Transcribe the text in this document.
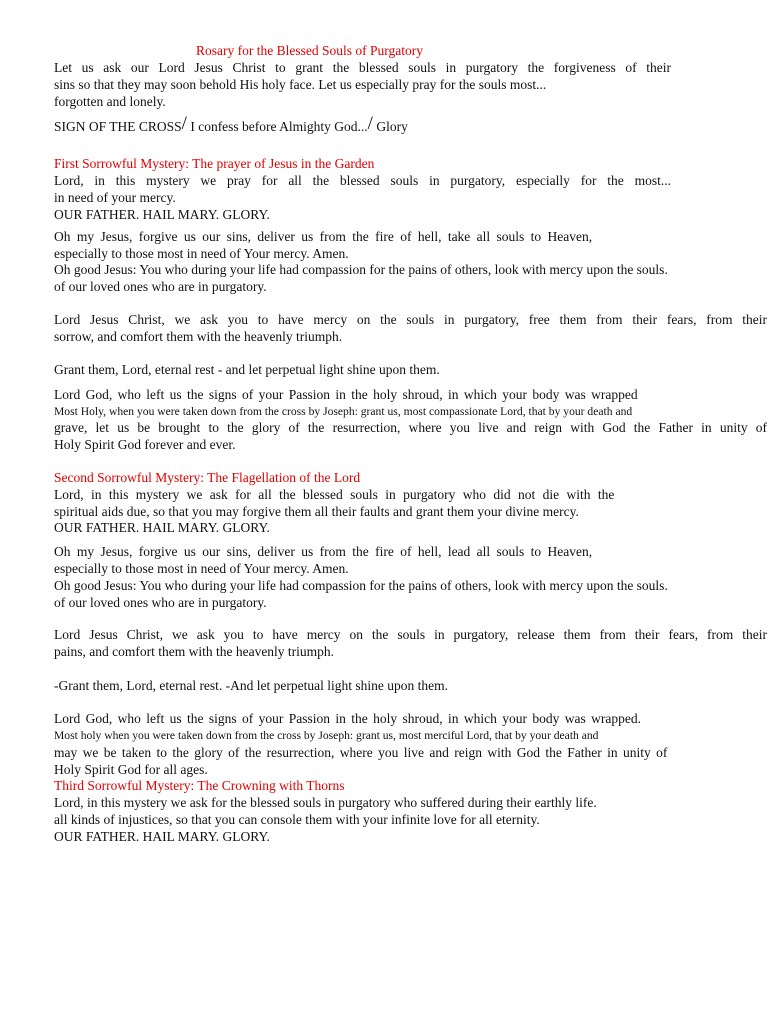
Rosary for the Blessed Souls of Purgatory
Let us ask our Lord Jesus Christ to grant the blessed souls in purgatory the forgiveness of their
sins so that they may soon behold His holy face. Let us especially pray for the souls most...
forgotten and lonely.
SIGN OF THE CROSS/ I confess before Almighty God.../ Glory
First Sorrowful Mystery: The prayer of Jesus in the Garden
Lord, in this mystery we pray for all the blessed souls in purgatory, especially for the most...
in need of your mercy.
OUR FATHER. HAIL MARY. GLORY.
Oh my Jesus, forgive us our sins, deliver us from the fire of hell, take all souls to Heaven,
especially to those most in need of Your mercy. Amen.
Oh good Jesus: You who during your life had compassion for the pains of others, look with mercy upon the souls.
of our loved ones who are in purgatory.
Lord Jesus Christ, we ask you to have mercy on the souls in purgatory, free them from their fears, from their
sorrow, and comfort them with the heavenly triumph.
Grant them, Lord, eternal rest - and let perpetual light shine upon them.
Lord God, who left us the signs of your Passion in the holy shroud, in which your body was wrapped
Most Holy, when you were taken down from the cross by Joseph: grant us, most compassionate Lord, that by your death and
grave, let us be brought to the glory of the resurrection, where you live and reign with God the Father in unity of
Holy Spirit God forever and ever.
Second Sorrowful Mystery: The Flagellation of the Lord
Lord, in this mystery we ask for all the blessed souls in purgatory who did not die with the
spiritual aids due, so that you may forgive them all their faults and grant them your divine mercy.
OUR FATHER. HAIL MARY. GLORY.
Oh my Jesus, forgive us our sins, deliver us from the fire of hell, lead all souls to Heaven,
especially to those most in need of Your mercy. Amen.
Oh good Jesus: You who during your life had compassion for the pains of others, look with mercy upon the souls.
of our loved ones who are in purgatory.
Lord Jesus Christ, we ask you to have mercy on the souls in purgatory, release them from their fears, from their
pains, and comfort them with the heavenly triumph.
-Grant them, Lord, eternal rest. -And let perpetual light shine upon them.
Lord God, who left us the signs of your Passion in the holy shroud, in which your body was wrapped.
Most holy when you were taken down from the cross by Joseph: grant us, most merciful Lord, that by your death and
may we be taken to the glory of the resurrection, where you live and reign with God the Father in unity of
Holy Spirit God for all ages.
Third Sorrowful Mystery: The Crowning with Thorns
Lord, in this mystery we ask for the blessed souls in purgatory who suffered during their earthly life.
all kinds of injustices, so that you can console them with your infinite love for all eternity.
OUR FATHER. HAIL MARY. GLORY.
